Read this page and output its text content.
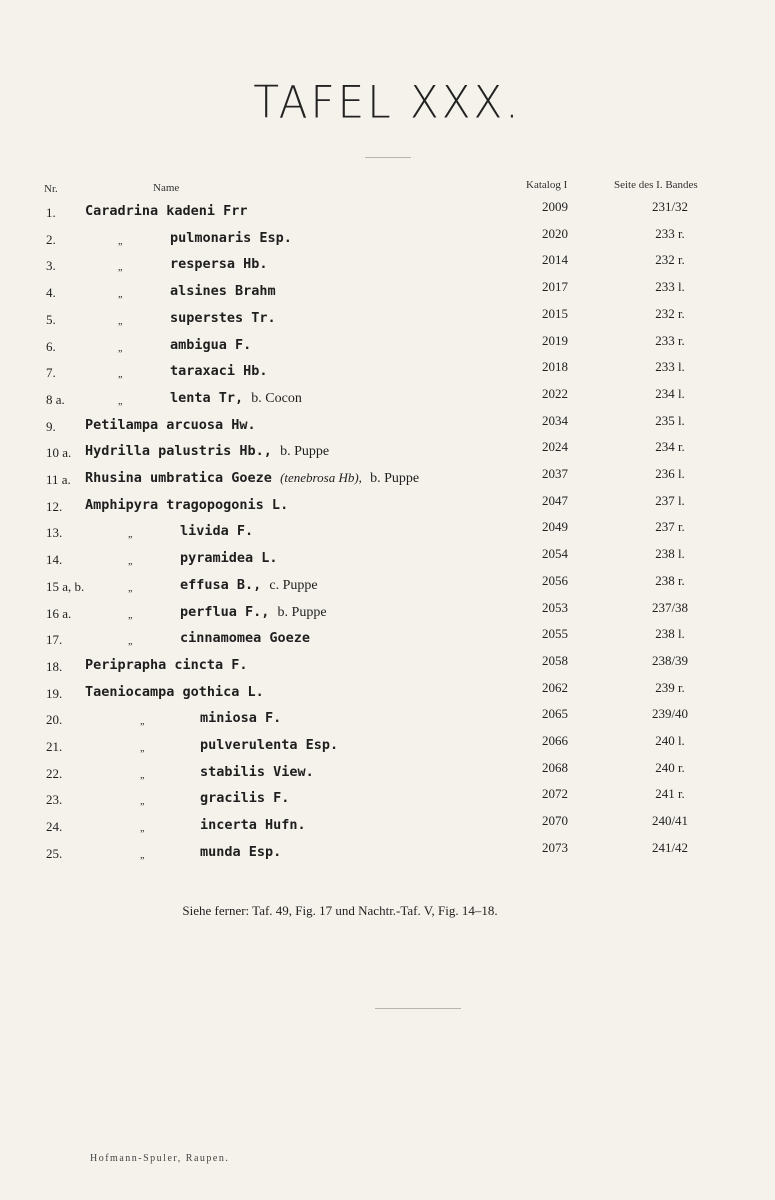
TAFEL XXX.
Nr.	Name	Katalog I	Seite des I. Bandes
1. Caradrina kadeni Frr	2009	231/32
2.	„	pulmonaris Esp.	2020	233 r.
3.	„	respersa Hb.	2014	232 r.
4.	„	alsines Brahm	2017	233 l.
5.	„	superstes Tr.	2015	232 r.
6.	„	ambigua F.	2019	233 r.
7.	„	taraxaci Hb.	2018	233 l.
8 a.	„	lenta Tr, b. Cocon	2022	234 l.
9. Petilampa arcuosa Hw.	2034	235 l.
10 a. Hydrilla palustris Hb., b. Puppe	2024	234 r.
11 a. Rhusina umbratica Goeze (tenebrosa Hb), b. Puppe	2037	236 l.
12. Amphipyra tragopogonis L.	2047	237 l.
13.	„	livida F.	2049	237 r.
14.	„	pyramidea L.	2054	238 l.
15 a, b.	„	effusa B., c. Puppe	2056	238 r.
16 a.	„	perflua F., b. Puppe	2053	237/38
17.	„	cinnamomea Goeze	2055	238 l.
18. Periprapha cincta F.	2058	238/39
19. Taeniocampa gothica L.	2062	239 r.
20.	„	miniosa F.	2065	239/40
21.	„	pulverulenta Esp.	2066	240 l.
22.	„	stabilis View.	2068	240 r.
23.	„	gracilis F.	2072	241 r.
24.	„	incerta Hufn.	2070	240/41
25.	„	munda Esp.	2073	241/42
Siehe ferner: Taf. 49, Fig. 17 und Nachtr.-Taf. V, Fig. 14–18.
Hofmann-Spuler, Raupen.
